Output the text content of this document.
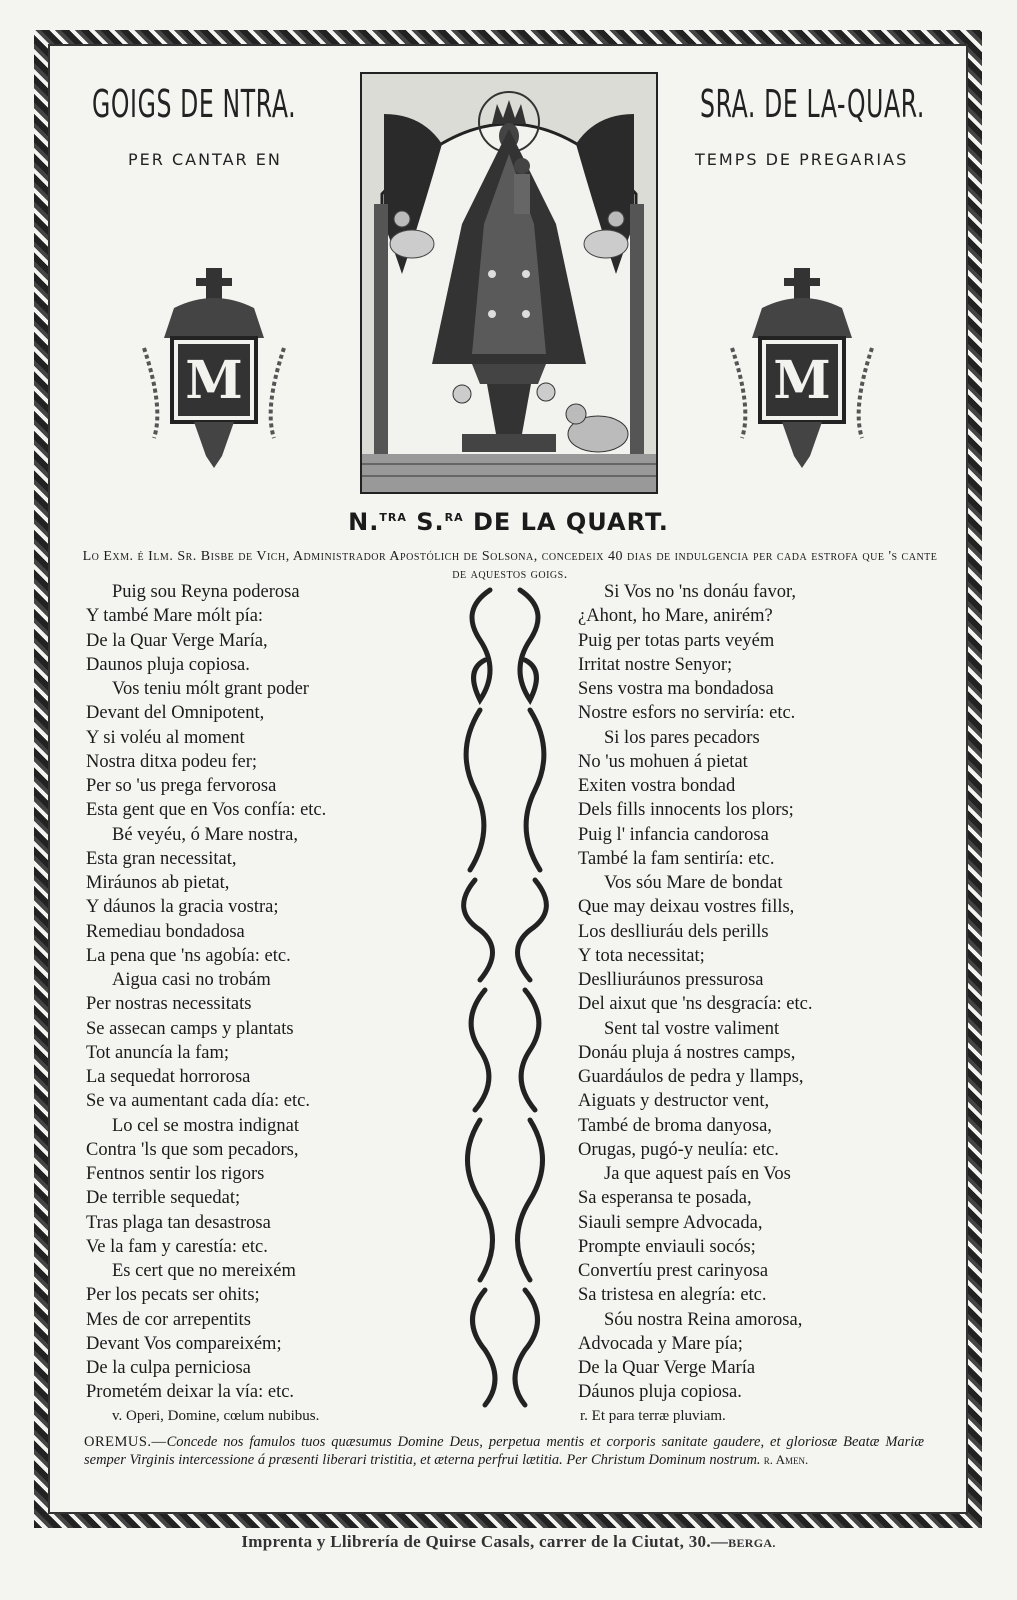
GOIGS DE NTRA.	SRA. DE LA-QUAR.
PER CANTAR EN	TEMPS DE PREGARIAS
M	M
N.$^{TRA}$ S.$^{RA}$ DE LA QUART.
Lo Exm. é Ilm. Sr. Bisbe de Vich, Administrador Apostólich de Solsona, concedeix 40 dias de indulgencia per cada estrofa que 's cante de aquestos goigs.
Puig sou Reyna poderosa
Y també Mare mólt pía:
De la Quar Verge María,
Daunos pluja copiosa.
Vos teniu mólt grant poder
Devant del Omnipotent,
Y si voléu al moment
Nostra ditxa podeu fer;
Per so 'us prega fervorosa
Esta gent que en Vos confía: etc.
Bé veyéu, ó Mare nostra,
Esta gran necessitat,
Miráunos ab pietat,
Y dáunos la gracia vostra;
Remediau bondadosa
La pena que 'ns agobía: etc.
Aigua casi no trobám
Per nostras necessitats
Se assecan camps y plantats
Tot anuncía la fam;
La sequedat horrorosa
Se va aumentant cada día: etc.
Lo cel se mostra indignat
Contra 'ls que som pecadors,
Fentnos sentir los rigors
De terrible sequedat;
Tras plaga tan desastrosa
Ve la fam y carestía: etc.
Es cert que no mereixém
Per los pecats ser ohits;
Mes de cor arrepentits
Devant Vos compareixém;
De la culpa perniciosa
Prometém deixar la vía: etc.
Si Vos no 'ns donáu favor,
¿Ahont, ho Mare, anirém?
Puig per totas parts veyém
Irritat nostre Senyor;
Sens vostra ma bondadosa
Nostre esfors no serviría: etc.
Si los pares pecadors
No 'us mohuen á pietat
Exiten vostra bondad
Dels fills innocents los plors;
Puig l' infancia candorosa
També la fam sentiría: etc.
Vos sóu Mare de bondat
Que may deixau vostres fills,
Los deslliuráu dels perills
Y tota necessitat;
Deslliuráunos pressurosa
Del aixut que 'ns desgracía: etc.
Sent tal vostre valiment
Donáu pluja á nostres camps,
Guardáulos de pedra y llamps,
Aiguats y destructor vent,
També de broma danyosa,
Orugas, pugó-y neulía: etc.
Ja que aquest país en Vos
Sa esperansa te posada,
Siauli sempre Advocada,
Prompte enviauli socós;
Convertíu prest carinyosa
Sa tristesa en alegría: etc.
Sóu nostra Reina amorosa,
Advocada y Mare pía;
De la Quar Verge María
Dáunos pluja copiosa.
v. Operi, Domine, cœlum nubibus.	r. Et para terræ pluviam.
OREMUS.—Concede nos famulos tuos quæsumus Domine Deus, perpetua mentis et corporis sanitate gaudere, et gloriosæ Beatæ Mariæ semper Virginis intercessione á præsenti liberari tristitia, et æterna perfrui lætitia. Per Christum Dominum nostrum. r. Amen.
Imprenta y Llibrería de Quirse Casals, carrer de la Ciutat, 30.—BERGA.
